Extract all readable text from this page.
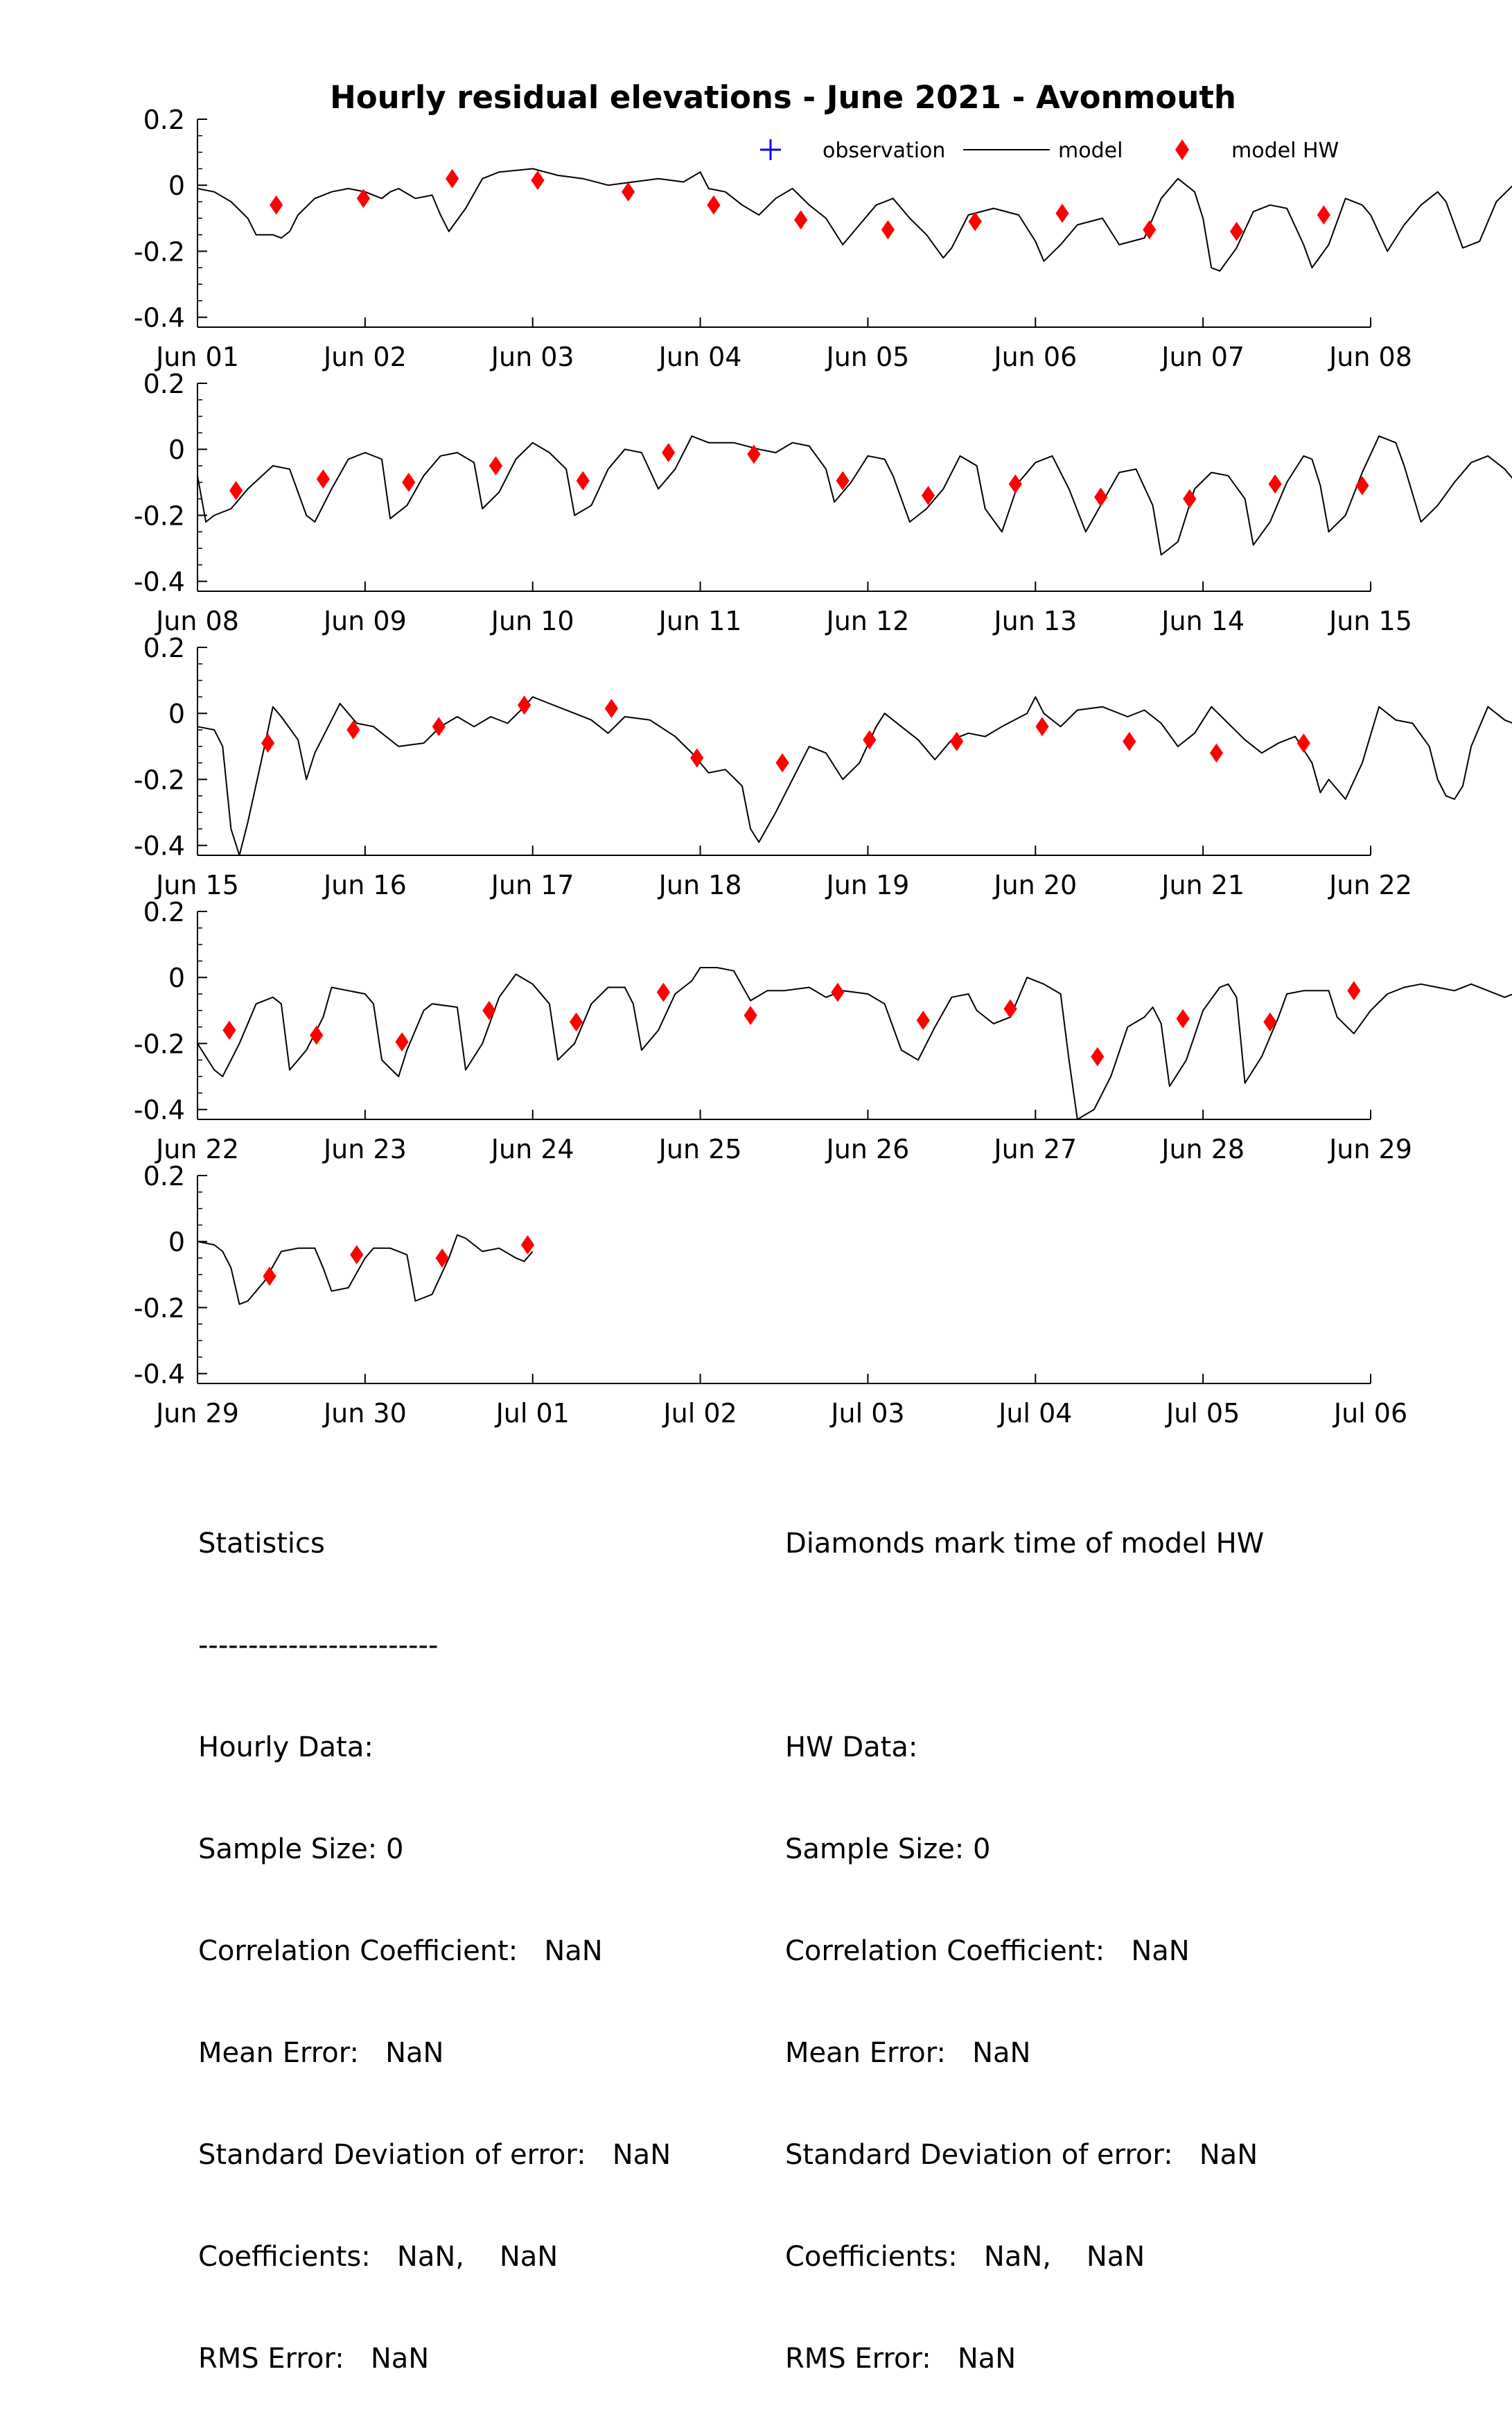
Hourly residual elevations - June 2021 - Avonmouth
observation	model	model HW
0.2
0
-0.2
-0.4
Jun 01	Jun 02	Jun 03	Jun 04	Jun 05	Jun 06	Jun 07	Jun 08
0.2
0
-0.2
-0.4
Jun 08	Jun 09	Jun 10	Jun 11	Jun 12	Jun 13	Jun 14	Jun 15
0.2
0
-0.2
-0.4
Jun 15	Jun 16	Jun 17	Jun 18	Jun 19	Jun 20	Jun 21	Jun 22
0.2
0
-0.2
-0.4
Jun 22	Jun 23	Jun 24	Jun 25	Jun 26	Jun 27	Jun 28	Jun 29
0.2
0
-0.2
-0.4
Jun 29	Jun 30	Jul 01	Jul 02	Jul 03	Jul 04	Jul 05	Jul 06

Statistics

------------------------

Hourly Data:

Sample Size: 0

Correlation Coefficient:   NaN

Mean Error:   NaN

Standard Deviation of error:   NaN

Coefficients:   NaN,    NaN

RMS Error:   NaN

Diamonds mark time of model HW

HW Data:

Sample Size: 0

Correlation Coefficient:   NaN

Mean Error:   NaN

Standard Deviation of error:   NaN

Coefficients:   NaN,    NaN

RMS Error:   NaN
